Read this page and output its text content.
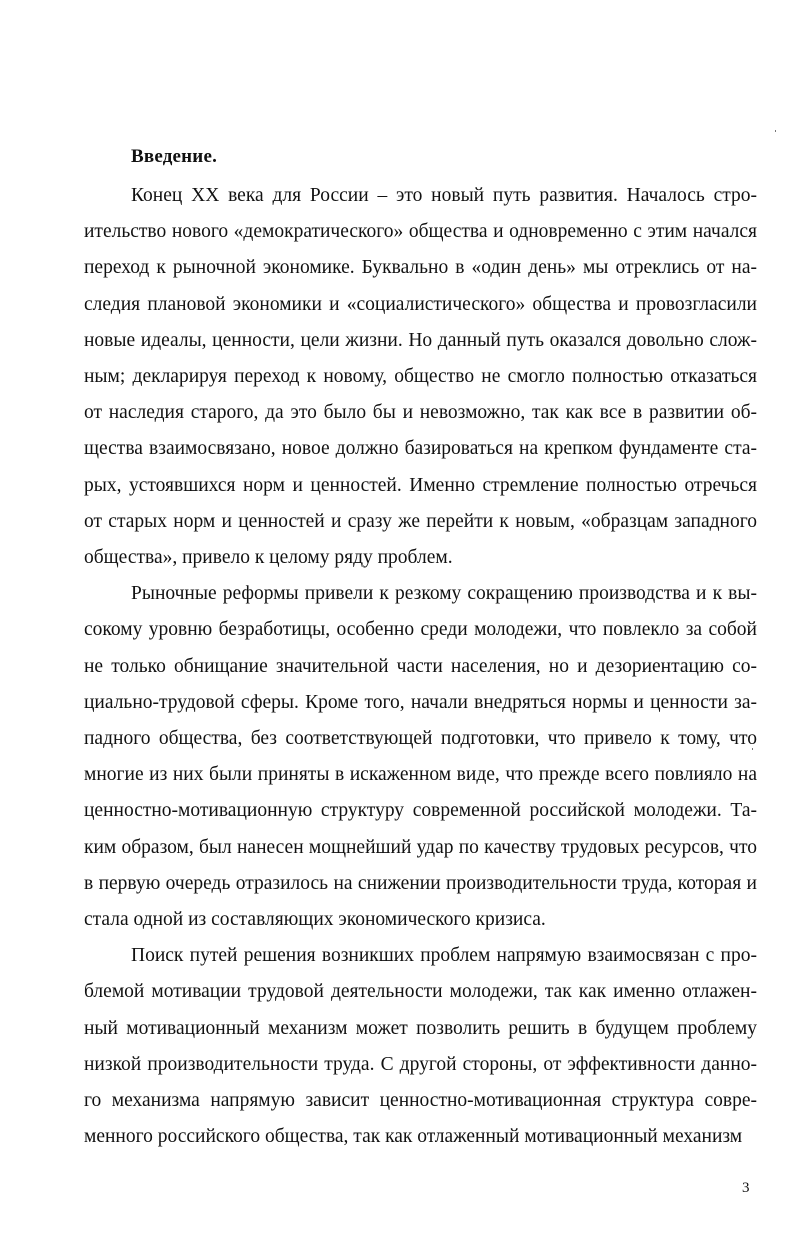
Введение.

Конец XX века для России – это новый путь развития. Началось строительство нового «демократического» общества и одновременно с этим начался переход к рыночной экономике. Буквально в «один день» мы отреклись от наследия плановой экономики и «социалистического» общества и провозгласили новые идеалы, ценности, цели жизни. Но данный путь оказался довольно сложным; декларируя переход к новому, общество не смогло полностью отказаться от наследия старого, да это было бы и невозможно, так как все в развитии общества взаимосвязано, новое должно базироваться на крепком фундаменте старых, устоявшихся норм и ценностей. Именно стремление полностью отречься от старых норм и ценностей и сразу же перейти к новым, «образцам западного общества», привело к целому ряду проблем.

Рыночные реформы привели к резкому сокращению производства и к высокому уровню безработицы, особенно среди молодежи, что повлекло за собой не только обнищание значительной части населения, но и дезориентацию социально-трудовой сферы. Кроме того, начали внедряться нормы и ценности западного общества, без соответствующей подготовки, что привело к тому, что многие из них были приняты в искаженном виде, что прежде всего повлияло на ценностно-мотивационную структуру современной российской молодежи. Таким образом, был нанесен мощнейший удар по качеству трудовых ресурсов, что в первую очередь отразилось на снижении производительности труда, которая и стала одной из составляющих экономического кризиса.

Поиск путей решения возникших проблем напрямую взаимосвязан с проблемой мотивации трудовой деятельности молодежи, так как именно отлаженный мотивационный механизм может позволить решить в будущем проблему низкой производительности труда. С другой стороны, от эффективности данного механизма напрямую зависит ценностно-мотивационная структура современного российского общества, так как отлаженный мотивационный механизм

3
